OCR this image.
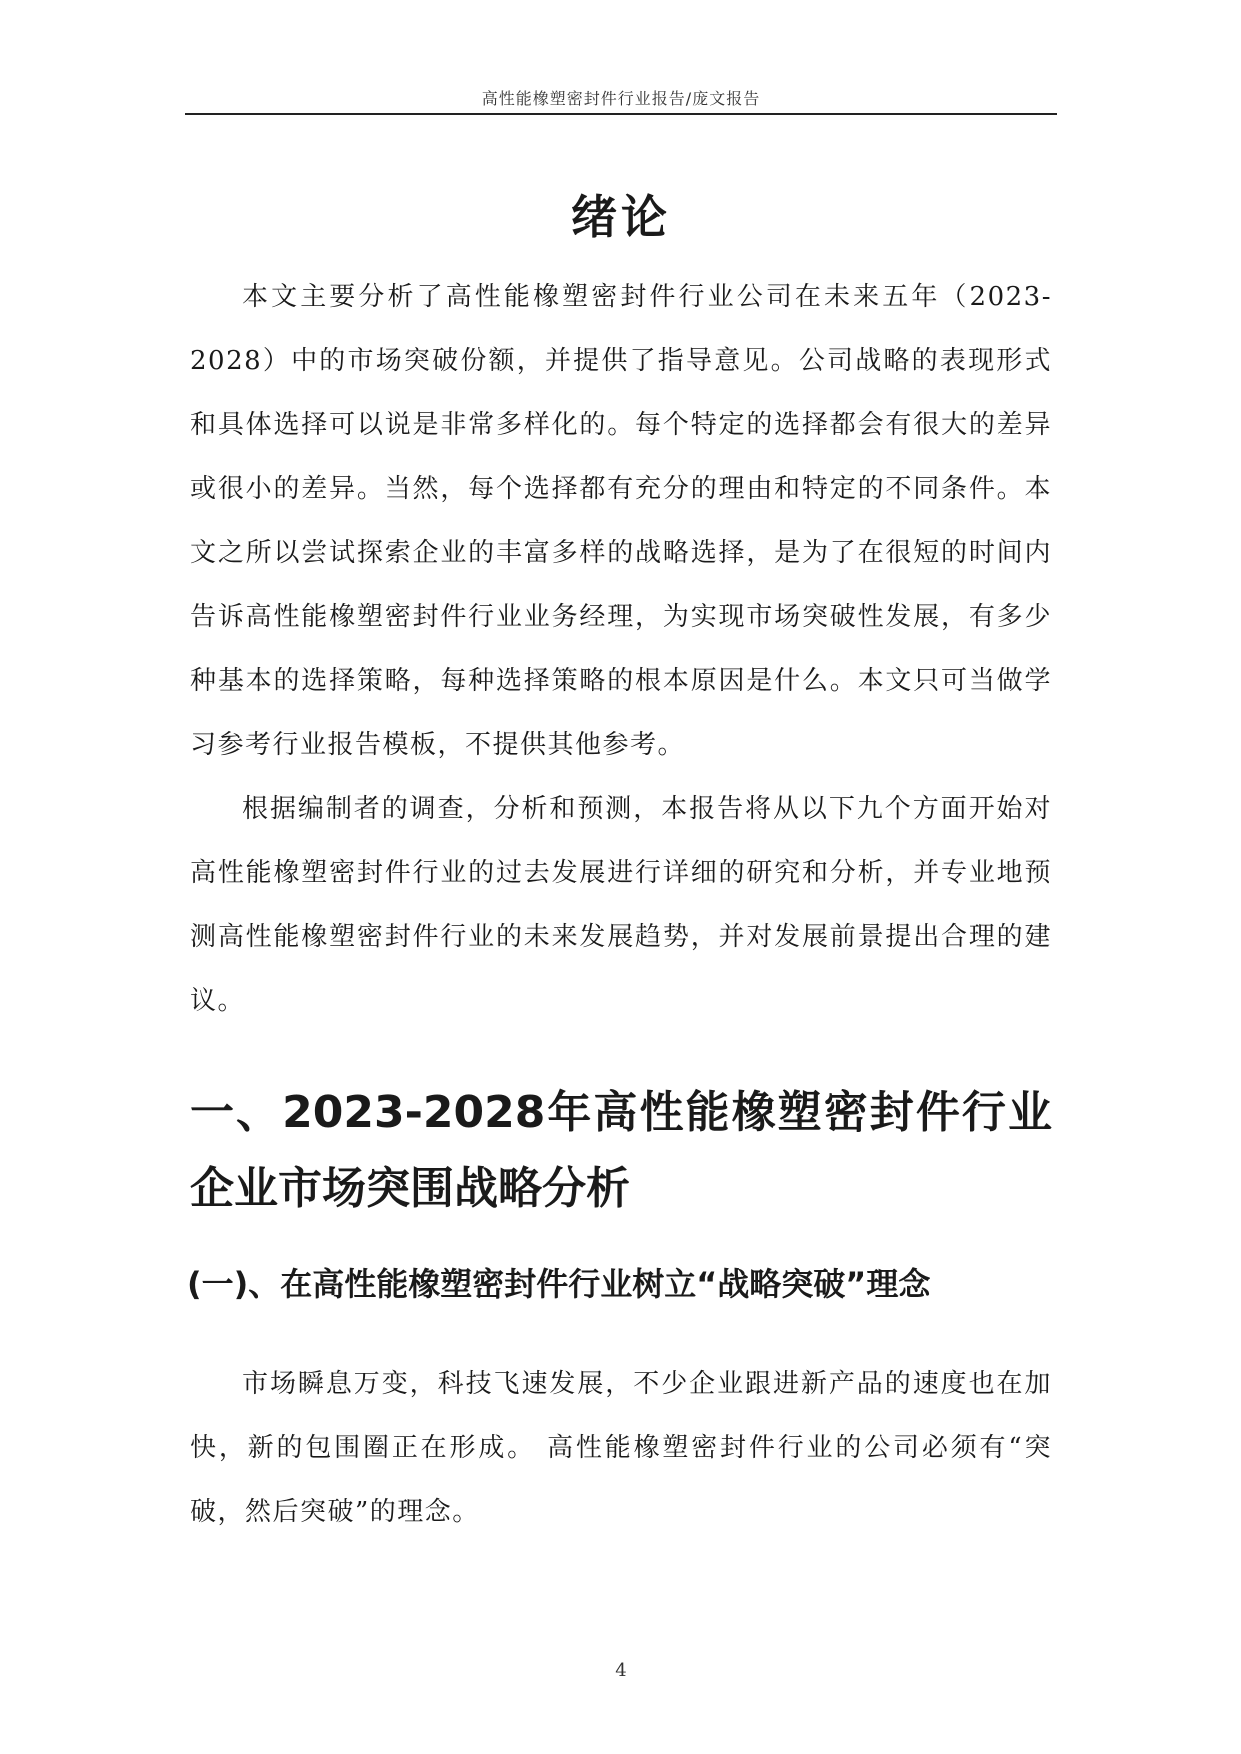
高性能橡塑密封件行业报告/庞文报告
绪论

本文主要分析了高性能橡塑密封件行业公司在未来五年（2023-2028）中的市场突破份额，并提供了指导意见。公司战略的表现形式和具体选择可以说是非常多样化的。每个特定的选择都会有很大的差异或很小的差异。当然，每个选择都有充分的理由和特定的不同条件。本文之所以尝试探索企业的丰富多样的战略选择，是为了在很短的时间内告诉高性能橡塑密封件行业业务经理，为实现市场突破性发展，有多少种基本的选择策略，每种选择策略的根本原因是什么。本文只可当做学习参考行业报告模板，不提供其他参考。

根据编制者的调查，分析和预测，本报告将从以下九个方面开始对高性能橡塑密封件行业的过去发展进行详细的研究和分析，并专业地预测高性能橡塑密封件行业的未来发展趋势，并对发展前景提出合理的建议。

一、2023-2028年高性能橡塑密封件行业企业市场突围战略分析
(一)、在高性能橡塑密封件行业树立“战略突破”理念

市场瞬息万变，科技飞速发展，不少企业跟进新产品的速度也在加快，新的包围圈正在形成。 高性能橡塑密封件行业的公司必须有“突破，然后突破”的理念。

4
